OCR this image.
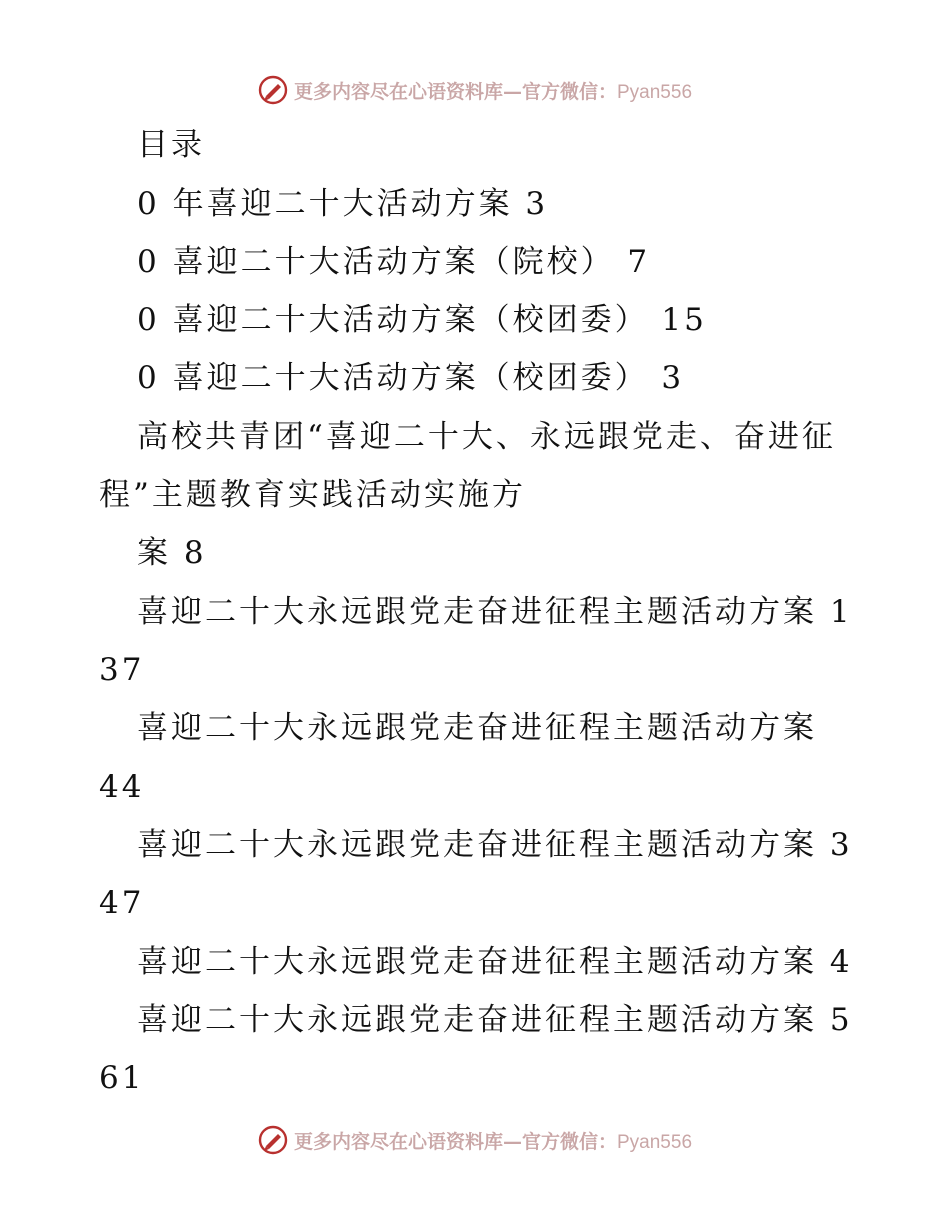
更多内容尽在心语资料库—官方微信：Pyan556
目录
0 年喜迎二十大活动方案 3
0 喜迎二十大活动方案（院校） 7
0 喜迎二十大活动方案（校团委） 15
0 喜迎二十大活动方案（校团委） 3
高校共青团“喜迎二十大、永远跟党走、奋进征
程”主题教育实践活动实施方
案 8
喜迎二十大永远跟党走奋进征程主题活动方案 1
37
喜迎二十大永远跟党走奋进征程主题活动方案
44
喜迎二十大永远跟党走奋进征程主题活动方案 3
47
喜迎二十大永远跟党走奋进征程主题活动方案 4
喜迎二十大永远跟党走奋进征程主题活动方案 5
61
更多内容尽在心语资料库—官方微信：Pyan556
